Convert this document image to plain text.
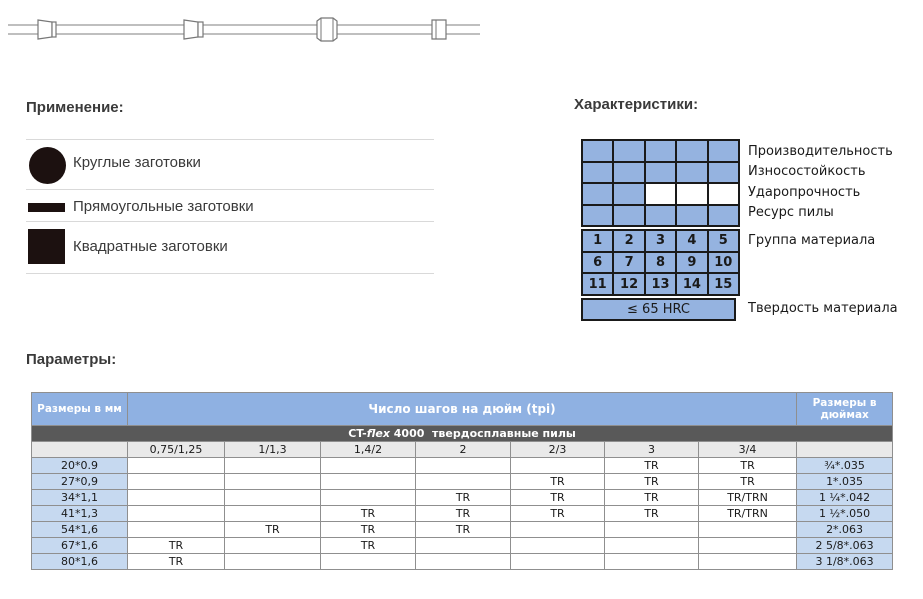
Применение:
Круглые заготовки
Прямоугольные заготовки
Квадратные заготовки
Характеристики:
Производительность
Износостойкость
Ударопрочность
Ресурс пилы
1	2	3	4	5
6	7	8	9	10
11	12	13	14	15
Группа материала
≤ 65 HRC	Твердость материала
Параметры:
Размеры в мм	Число шагов на дюйм (tpi)							Размеры в дюймах
CT-flex 4000  твердосплавные пилы								
	0,75/1,25	1/1,3	1,4/2	2	2/3	3	3/4	
20*0.9						TR	TR	¾*.035
27*0,9					TR	TR	TR	1*.035
34*1,1				TR	TR	TR	TR/TRN	1 ¼*.042
41*1,3			TR	TR	TR	TR	TR/TRN	1 ½*.050
54*1,6		TR	TR	TR				2*.063
67*1,6	TR		TR					2 5/8*.063
80*1,6	TR							3 1/8*.063
